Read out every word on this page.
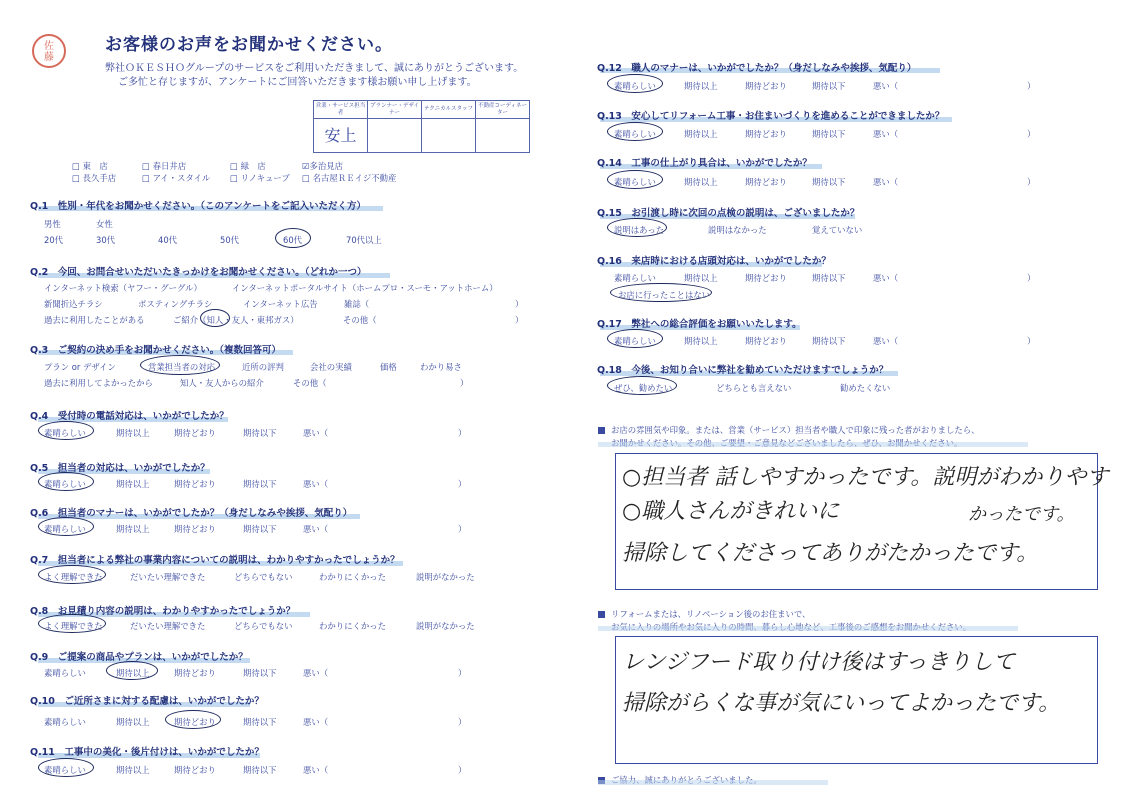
佐
藤
お客様のお声をお聞かせください。
弊社ＯＫＥＳＨＯグループのサービスをご利用いただきまして、誠にありがとうございます。
ご多忙と存じますが、アンケートにご回答いただきます様お願い申し上げます。
営業・サービス担当者	プランナー・デザイナー	テクニカルスタッフ	不動産コーディネーター
安上			
□ 東　店	□ 春日井店	□ 緑　店	☑多治見店
□ 長久手店	□ アイ・スタイル □ リノキューブ □ 名古屋ＲＥイジ不動産
Q.1　性別・年代をお聞かせください。（このアンケートをご記入いただく方）
男性	女性
20代	30代	40代	50代	60代	70代以上
Q.2　今回、お問合せいただいたきっかけをお聞かせください。（どれか一つ）
インターネット検索（ヤフー・グーグル）	インターネットポータルサイト（ホームプロ・スーモ・アットホーム）
新聞折込チラシ	ポスティングチラシ	インターネット広告	雑誌（	）
過去に利用したことがある	ご紹介（知人・友人・東邦ガス）	その他（	）
Q.3　ご契約の決め手をお聞かせください。（複数回答可）
プラン or デザイン	営業担当者の対応	近所の評判	会社の実績	価格	わかり易さ
過去に利用してよかったから	知人・友人からの紹介	その他（	）
Q.4　受付時の電話対応は、いかがでしたか？
素晴らしい	期待以上	期待どおり	期待以下	悪い（	）
Q.5　担当者の対応は、いかがでしたか？
素晴らしい	期待以上	期待どおり	期待以下	悪い（	）
Q.6　担当者のマナーは、いかがでしたか？（身だしなみや挨拶、気配り）
素晴らしい	期待以上	期待どおり	期待以下	悪い（	）
Q.7　担当者による弊社の事業内容についての説明は、わかりやすかったでしょうか？
よく理解できた	だいたい理解できた	どちらでもない	わかりにくかった	説明がなかった
Q.8　お見積り内容の説明は、わかりやすかったでしょうか？
よく理解できた	だいたい理解できた	どちらでもない	わかりにくかった	説明がなかった
Q.9　ご提案の商品やプランは、いかがでしたか？
素晴らしい	期待以上	期待どおり	期待以下	悪い（	）
Q.10　ご近所さまに対する配慮は、いかがでしたか？
素晴らしい	期待以上	期待どおり	期待以下	悪い（	）
Q.11　工事中の美化・後片付けは、いかがでしたか？
素晴らしい	期待以上	期待どおり	期待以下	悪い（	）
Q.12　職人のマナーは、いかがでしたか？（身だしなみや挨拶、気配り）
素晴らしい	期待以上	期待どおり	期待以下	悪い（	）
Q.13　安心してリフォーム工事・お住まいづくりを進めることができましたか？
素晴らしい	期待以上	期待どおり	期待以下	悪い（	）
Q.14　工事の仕上がり具合は、いかがでしたか？
素晴らしい	期待以上	期待どおり	期待以下	悪い（	）
Q.15　お引渡し時に次回の点検の説明は、ございましたか？
説明はあった	説明はなかった	覚えていない
Q.16　来店時における店頭対応は、いかがでしたか？
素晴らしい	期待以上	期待どおり	期待以下	悪い（	）
お店に行ったことはない
Q.17　弊社への総合評価をお願いいたします。
素晴らしい	期待以上	期待どおり	期待以下	悪い（	）
Q.18　今後、お知り合いに弊社を勧めていただけますでしょうか？
ぜひ、勧めたい	どちらとも言えない	勧めたくない
お店の雰囲気や印象。または、営業（サービス）担当者や職人で印象に残った者がおりましたら、
○担当者 話しやすかったです。説明がわかりやす
○職人さんがきれいに	かったです。
掃除してくださってありがたかったです。
リフォームまたは、リノベーション後のお住まいで、
レンジフード取り付け後はすっきりして
掃除がらくな事が気にいってよかったです。
